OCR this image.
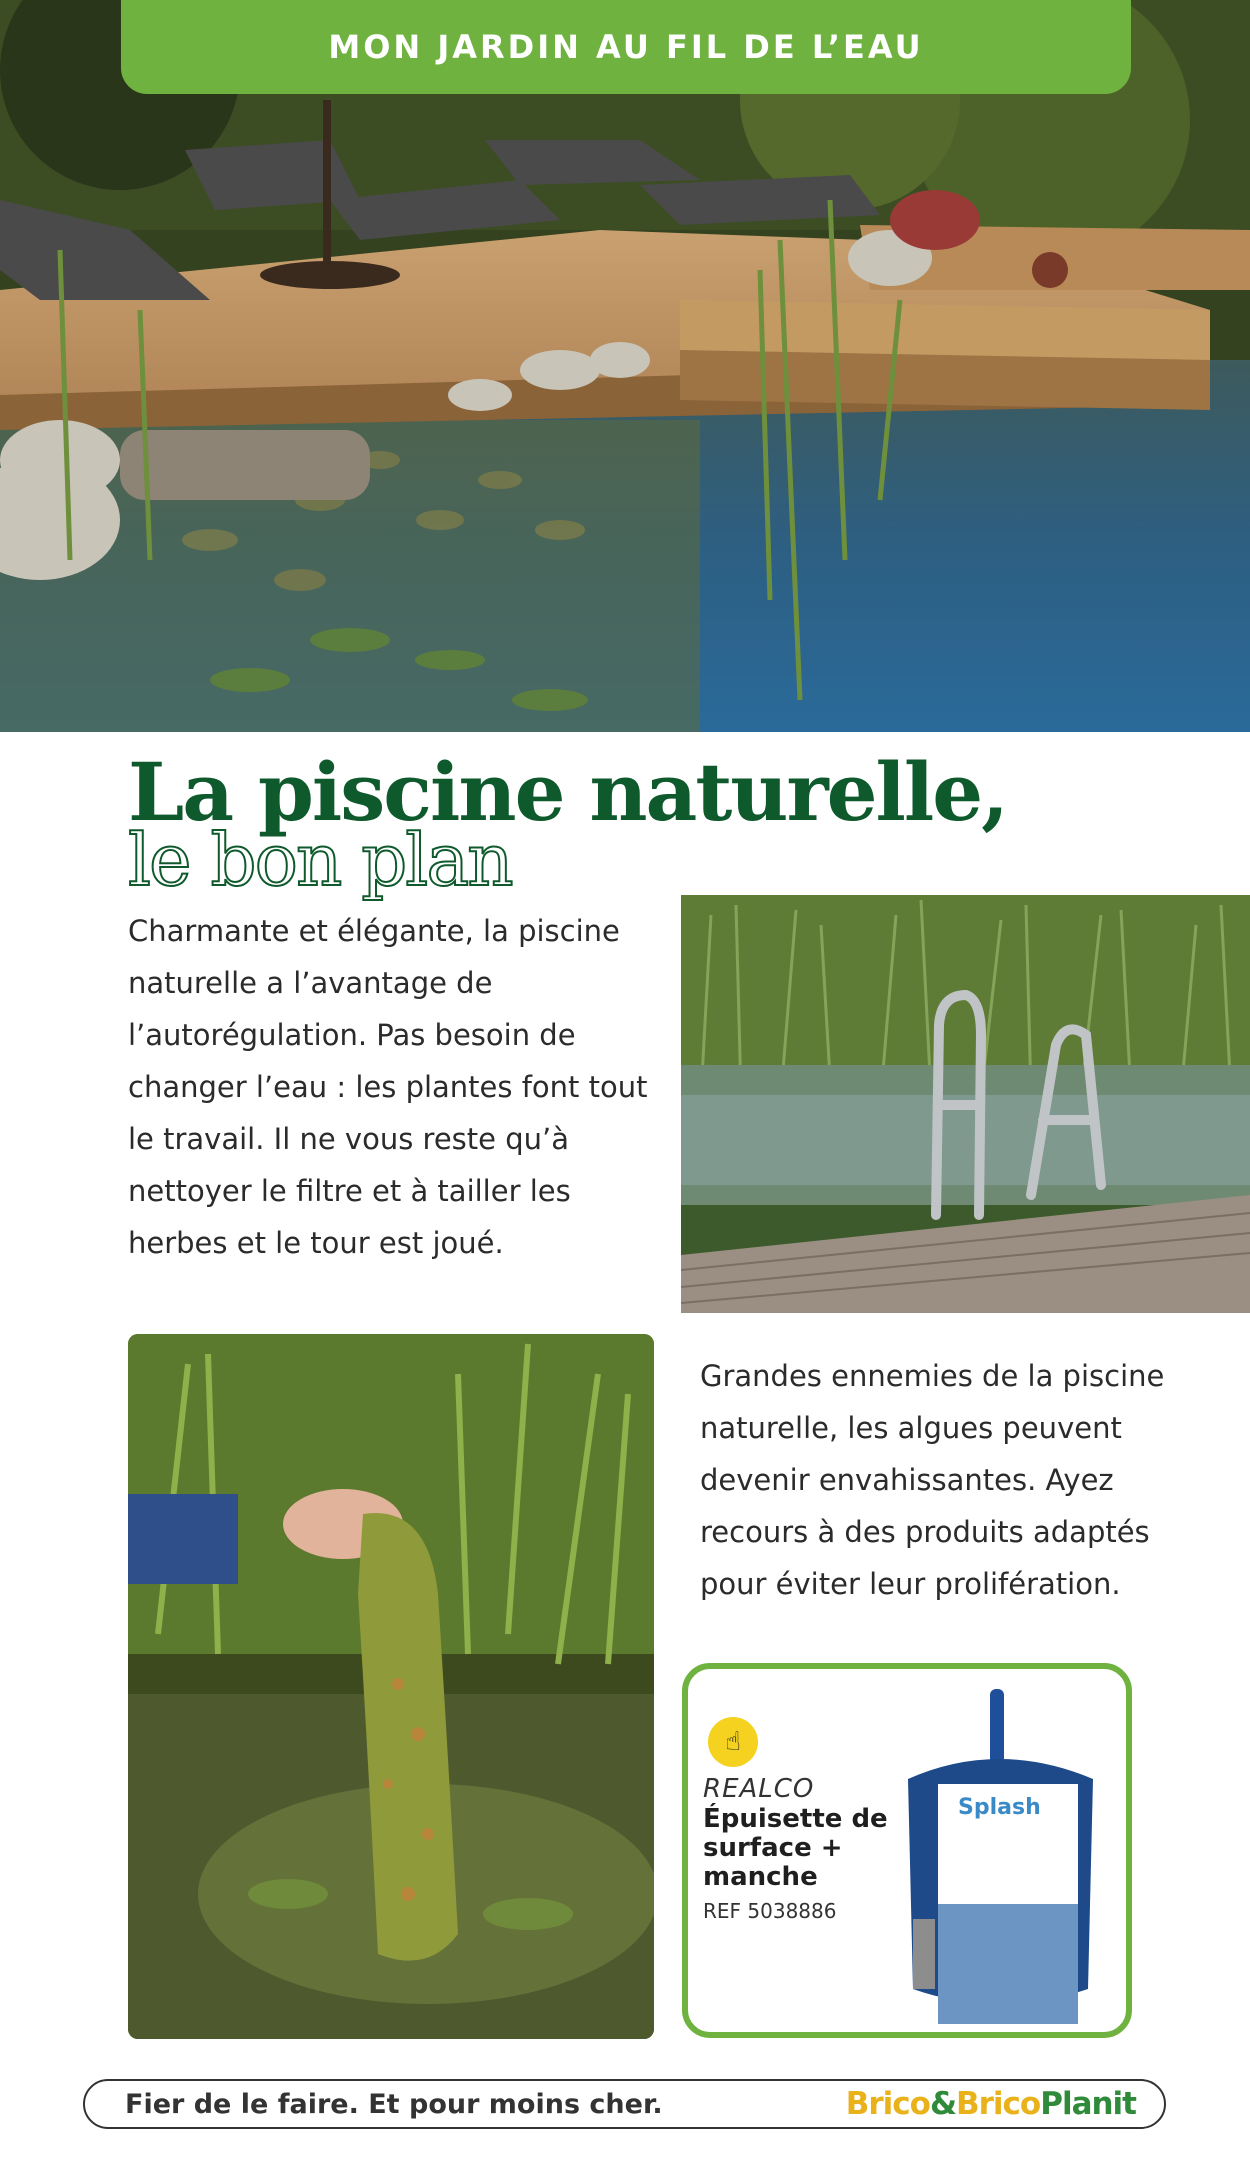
MON JARDIN AU FIL DE L’EAU
La piscine naturelle,
le bon plan
Charmante et élégante, la piscine naturelle a l’avantage de l’autorégulation. Pas besoin de changer l’eau : les plantes font tout le travail. Il ne vous reste qu’à nettoyer le filtre et à tailler les herbes et le tour est joué.
Grandes ennemies de la piscine naturelle, les algues peuvent devenir envahissantes. Ayez recours à des produits adaptés pour éviter leur prolifération.
☝
REALCO
Épuisette de surface + manche
REF 5038886
Splash
Fier de le faire. Et pour moins cher.	Brico&BricoPlanit
